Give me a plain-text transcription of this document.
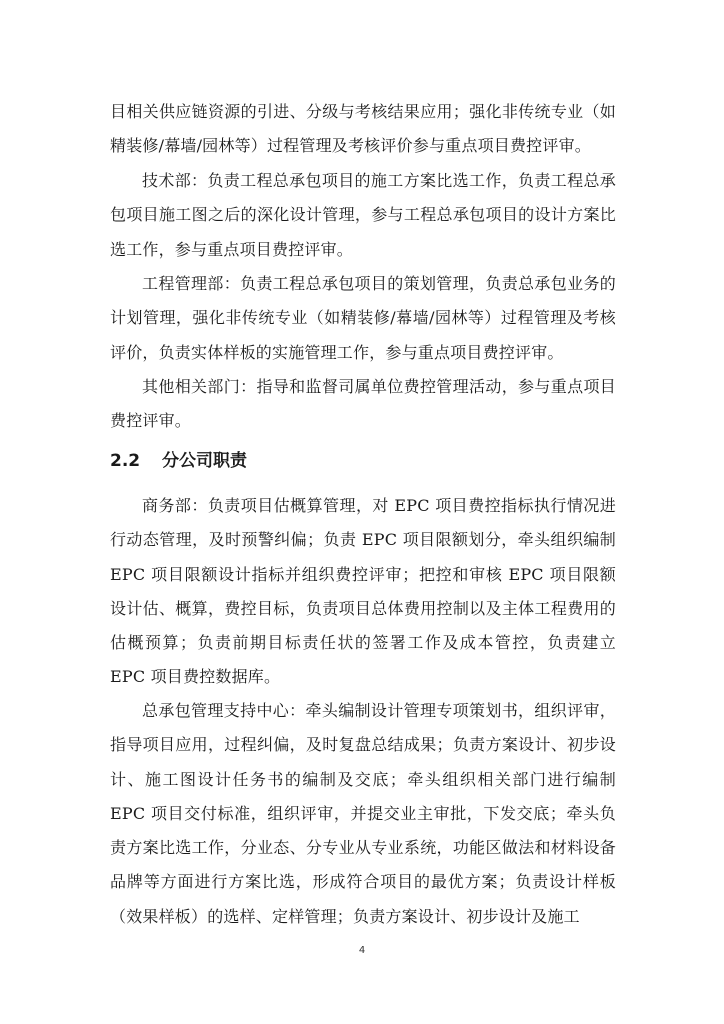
目相关供应链资源的引进、分级与考核结果应用；强化非传统专业（如精装修/幕墙/园林等）过程管理及考核评价参与重点项目费控评审。

技术部：负责工程总承包项目的施工方案比选工作，负责工程总承包项目施工图之后的深化设计管理，参与工程总承包项目的设计方案比选工作，参与重点项目费控评审。

工程管理部：负责工程总承包项目的策划管理，负责总承包业务的计划管理，强化非传统专业（如精装修/幕墙/园林等）过程管理及考核评价，负责实体样板的实施管理工作，参与重点项目费控评审。

其他相关部门：指导和监督司属单位费控管理活动，参与重点项目费控评审。

2.2 分公司职责

商务部：负责项目估概算管理，对 EPC 项目费控指标执行情况进行动态管理，及时预警纠偏；负责 EPC 项目限额划分，牵头组织编制 EPC 项目限额设计指标并组织费控评审；把控和审核 EPC 项目限额设计估、概算，费控目标，负责项目总体费用控制以及主体工程费用的估概预算；负责前期目标责任状的签署工作及成本管控，负责建立 EPC 项目费控数据库。

总承包管理支持中心：牵头编制设计管理专项策划书，组织评审，指导项目应用，过程纠偏，及时复盘总结成果；负责方案设计、初步设计、施工图设计任务书的编制及交底；牵头组织相关部门进行编制 EPC 项目交付标准，组织评审，并提交业主审批，下发交底；牵头负责方案比选工作，分业态、分专业从专业系统，功能区做法和材料设备品牌等方面进行方案比选，形成符合项目的最优方案；负责设计样板（效果样板）的选样、定样管理；负责方案设计、初步设计及施工

4
